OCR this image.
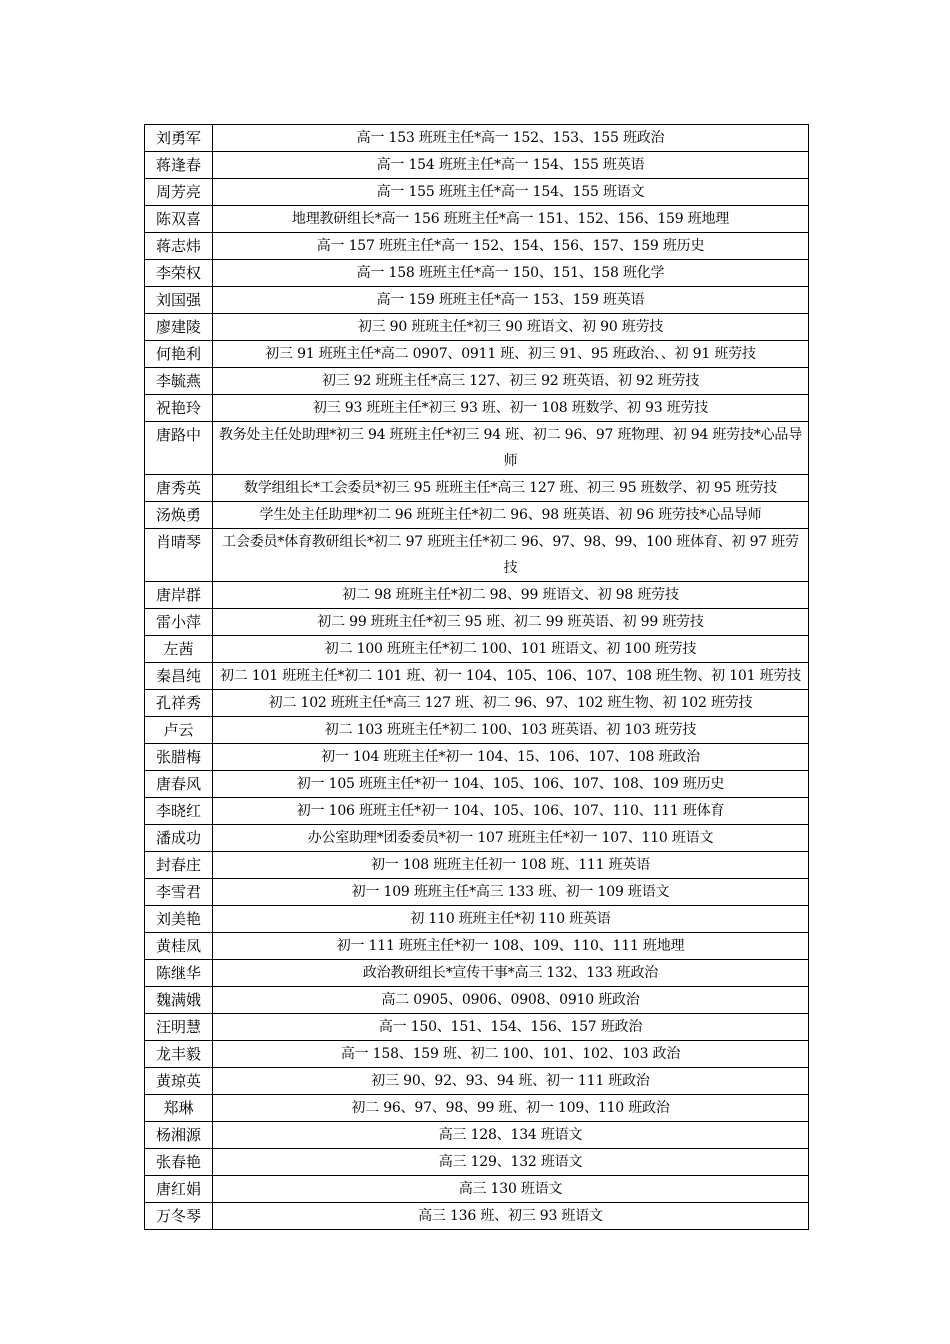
刘勇军	高一 153 班班主任*高一 152、153、155 班政治
蒋逢春	高一 154 班班主任*高一 154、155 班英语
周芳亮	高一 155 班班主任*高一 154、155 班语文
陈双喜	地理教研组长*高一 156 班班主任*高一 151、152、156、159 班地理
蒋志炜	高一 157 班班主任*高一 152、154、156、157、159 班历史
李荣权	高一 158 班班主任*高一 150、151、158 班化学
刘国强	高一 159 班班主任*高一 153、159 班英语
廖建陵	初三 90 班班主任*初三 90 班语文、初 90 班劳技
何艳利	初三 91 班班主任*高二 0907、0911 班、初三 91、95 班政治、、初 91 班劳技
李毓燕	初三 92 班班主任*高三 127、初三 92 班英语、初 92 班劳技
祝艳玲	初三 93 班班主任*初三 93 班、初一 108 班数学、初 93 班劳技
唐路中	教务处主任处助理*初三 94 班班主任*初三 94 班、初二 96、97 班物理、初 94 班劳技*心品导师
唐秀英	数学组组长*工会委员*初三 95 班班主任*高三 127 班、初三 95 班数学、初 95 班劳技
汤焕勇	学生处主任助理*初二 96 班班主任*初二 96、98 班英语、初 96 班劳技*心品导师
肖晴琴	工会委员*体育教研组长*初二 97 班班主任*初二 96、97、98、99、100 班体育、初 97 班劳技
唐岸群	初二 98 班班主任*初二 98、99 班语文、初 98 班劳技
雷小萍	初二 99 班班主任*初三 95 班、初二 99 班英语、初 99 班劳技
左茜	初二 100 班班主任*初二 100、101 班语文、初 100 班劳技
秦昌纯	初二 101 班班主任*初二 101 班、初一 104、105、106、107、108 班生物、初 101 班劳技
孔祥秀	初二 102 班班主任*高三 127 班、初二 96、97、102 班生物、初 102 班劳技
卢云	初二 103 班班主任*初二 100、103 班英语、初 103 班劳技
张腊梅	初一 104 班班主任*初一 104、15、106、107、108 班政治
唐春风	初一 105 班班主任*初一 104、105、106、107、108、109 班历史
李晓红	初一 106 班班主任*初一 104、105、106、107、110、111 班体育
潘成功	办公室助理*团委委员*初一 107 班班主任*初一 107、110 班语文
封春庄	初一 108 班班主任初一 108 班、111 班英语
李雪君	初一 109 班班主任*高三 133 班、初一 109 班语文
刘美艳	初 110 班班主任*初 110 班英语
黄桂凤	初一 111 班班主任*初一 108、109、110、111 班地理
陈继华	政治教研组长*宣传干事*高三 132、133 班政治
魏满娥	高二 0905、0906、0908、0910 班政治
汪明慧	高一 150、151、154、156、157 班政治
龙丰毅	高一 158、159 班、初二 100、101、102、103 政治
黄琼英	初三 90、92、93、94 班、初一 111 班政治
郑琳	初二 96、97、98、99 班、初一 109、110 班政治
杨湘源	高三 128、134 班语文
张春艳	高三 129、132 班语文
唐红娟	高三 130 班语文
万冬琴	高三 136 班、初三 93 班语文
